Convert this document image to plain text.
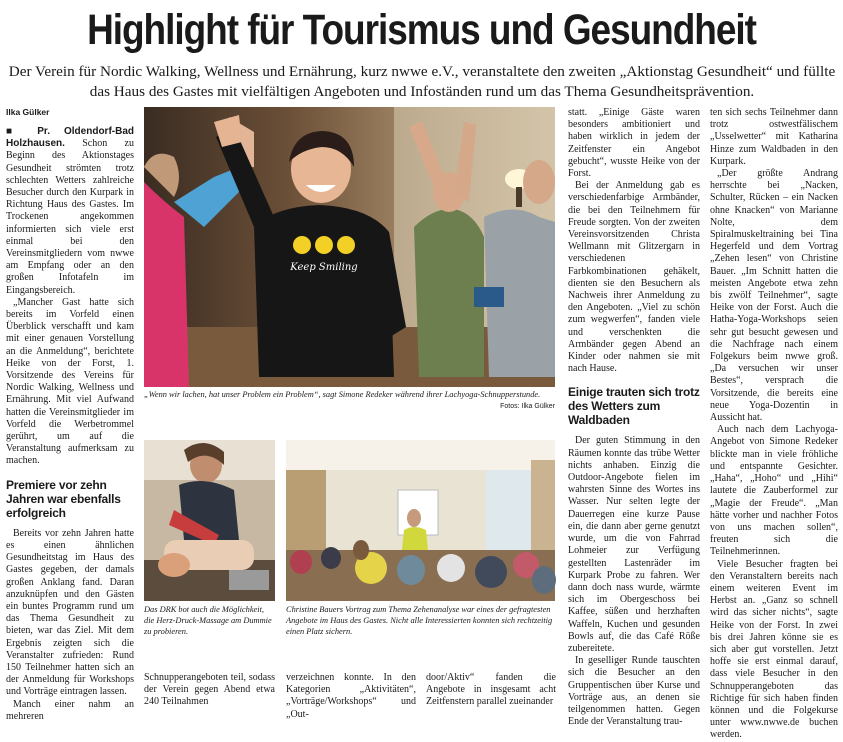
Highlight für Tourismus und Gesundheit
Der Verein für Nordic Walking, Wellness und Ernährung, kurz nwwe e.V., veranstaltete den zweiten „Aktionstag Gesundheit“ und füllte das Haus des Gastes mit vielfältigen Angeboten und Infoständen rund um das Thema Gesundheitsprävention.
Ilka Gülker

■ Pr. Oldendorf-Bad Holzhausen. Schon zu Beginn des Aktionstages Gesundheit strömten trotz schlechten Wetters zahlreiche Besucher durch den Kurpark in Richtung Haus des Gastes. Im Trockenen angekommen informierten sich viele erst einmal bei den Vereinsmitgliedern vom nwwe am Empfang oder an den großen Infotafeln im Eingangsbereich.

„Mancher Gast hatte sich bereits im Vorfeld einen Überblick verschafft und kam mit einer genauen Vorstellung an die Anmeldung“, berichtete Heike von der Forst, 1. Vorsitzende des Vereins für Nordic Walking, Wellness und Ernährung. Mit viel Aufwand hatten die Vereinsmitglieder im Vorfeld die Werbetrommel gerührt, um auf die Veranstaltung aufmerksam zu machen.

Premiere vor zehn Jahren war ebenfalls erfolgreich

Bereits vor zehn Jahren hatte es einen ähnlichen Gesundheitstag im Haus des Gastes gegeben, der damals großen Anklang fand. Daran anzuknüpfen und den Gästen ein buntes Programm rund um das Thema Gesundheit zu bieten, war das Ziel. Mit dem Ergebnis zeigten sich die Veranstalter zufrieden: Rund 150 Teilnehmer hatten sich an der Anmeldung für Workshops und Vorträge eintragen lassen.

Manch einer nahm an mehreren

Keep Smiling
„Wenn wir lachen, hat unser Problem ein Problem“, sagt Simone Redeker während ihrer Lachyoga-Schnupperstunde.
Fotos: Ilka Gülker
Das DRK bot auch die Möglichkeit, die Herz-Druck-Massage am Dummie zu probieren.
Christine Bauers Vortrag zum Thema Zehenanalyse war eines der gefragtesten Angebote im Haus des Gastes. Nicht alle Interessierten konnten sich rechtzeitig einen Platz sichern.
Schnupperangeboten teil, sodass der Verein gegen Abend etwa 240 Teilnahmen
verzeichnen konnte. In den Kategorien „Aktivitäten“, „Vorträge/Workshops“ und „Out-
door/Aktiv“ fanden die Angebote in insgesamt acht Zeitfenstern parallel zueinander

statt. „Einige Gäste waren besonders ambitioniert und haben wirklich in jedem der Zeitfenster ein Angebot gebucht“, wusste Heike von der Forst.

Bei der Anmeldung gab es verschiedenfarbige Armbänder, die bei den Teilnehmern für Freude sorgten. Von der zweiten Vereinsvorsitzenden Christa Wellmann mit Glitzergarn in verschiedenen Farbkombinationen gehäkelt, dienten sie den Besuchern als Nachweis ihrer Anmeldung zu den Angeboten. „Viel zu schön zum wegwerfen“, fanden viele und verschenkten die Armbänder gegen Abend an Kinder oder nahmen sie mit nach Hause.

Einige trauten sich trotz des Wetters zum Waldbaden

Der guten Stimmung in den Räumen konnte das trübe Wetter nichts anhaben. Einzig die Outdoor-Angebote fielen im wahrsten Sinne des Wortes ins Wasser. Nur selten legte der Dauerregen eine kurze Pause ein, die dann aber gerne genutzt wurde, um die von Fahrrad Lohmeier zur Verfügung gestellten Lastenräder im Kurpark Probe zu fahren. Wer dann doch nass wurde, wärmte sich im Obergeschoss bei Kaffee, süßen und herzhaften Waffeln, Kuchen und gesunden Bowls auf, die das Café Röße zubereitete.

In geselliger Runde tauschten sich die Besucher an den Gruppentischen über Kurse und Vorträge aus, an denen sie teilgenommen hatten. Gegen Ende der Veranstaltung trau-

ten sich sechs Teilnehmer dann trotz ostwestfälischem „Usselwetter“ mit Katharina Hinze zum Waldbaden in den Kurpark.

„Der größte Andrang herrschte bei „Nacken, Schulter, Rücken – ein Nacken ohne Knacken“ von Marianne Nolte, dem Spiralmuskeltraining bei Tina Hegerfeld und dem Vortrag „Zehen lesen“ von Christine Bauer. „Im Schnitt hatten die meisten Angebote etwa zehn bis zwölf Teilnehmer“, sagte Heike von der Forst. Auch die Hatha-Yoga-Workshops seien sehr gut besucht gewesen und die Nachfrage nach einem Folgekurs beim nwwe groß. „Da versuchen wir unser Bestes“, versprach die Vorsitzende, die bereits eine neue Yoga-Dozentin in Aussicht hat.

Auch nach dem Lachyoga-Angebot von Simone Redeker blickte man in viele fröhliche und entspannte Gesichter. „Haha“, „Hoho“ und „Hihi“ lautete die Zauberformel zur „Magie der Freude“. „Man hätte vorher und nachher Fotos von uns machen sollen“, freuten sich die Teilnehmerinnen.

Viele Besucher fragten bei den Veranstaltern bereits nach einem weiteren Event im Herbst an. „Ganz so schnell wird das sicher nichts“, sagte Heike von der Forst. In zwei bis drei Jahren könne sie es sich aber gut vorstellen. Jetzt hoffe sie erst einmal darauf, dass viele Besucher in den Schnupperangeboten das Richtige für sich haben finden können und die Folgekurse unter www.nwwe.de buchen werden.
